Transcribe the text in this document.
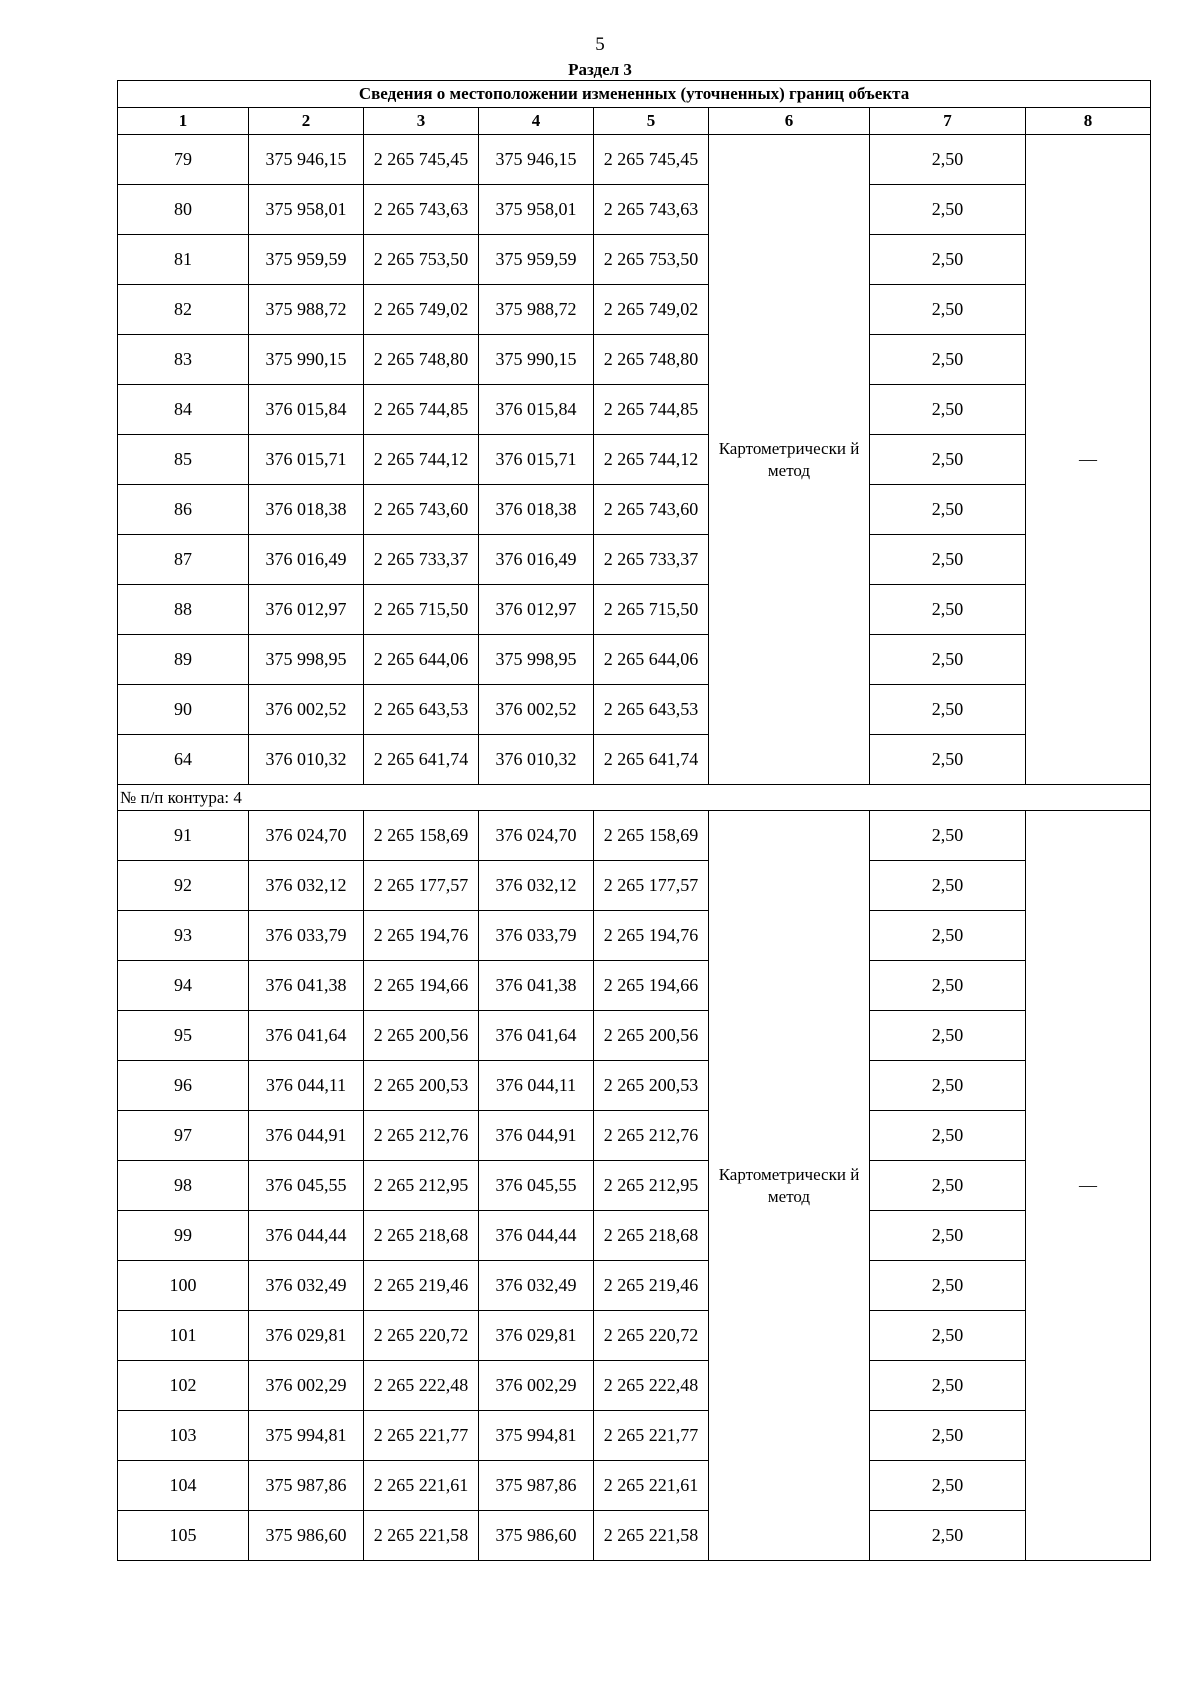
5
Раздел 3
Сведения о местоположении измененных (уточненных) границ объекта							
1	2	3	4	5	6	7	8
79	375 946,15	2 265 745,45	375 946,15	2 265 745,45	Картометрически й метод	2,50	—
80	375 958,01	2 265 743,63	375 958,01	2 265 743,63		2,50	
81	375 959,59	2 265 753,50	375 959,59	2 265 753,50		2,50	
82	375 988,72	2 265 749,02	375 988,72	2 265 749,02		2,50	
83	375 990,15	2 265 748,80	375 990,15	2 265 748,80		2,50	
84	376 015,84	2 265 744,85	376 015,84	2 265 744,85		2,50	
85	376 015,71	2 265 744,12	376 015,71	2 265 744,12		2,50	
86	376 018,38	2 265 743,60	376 018,38	2 265 743,60		2,50	
87	376 016,49	2 265 733,37	376 016,49	2 265 733,37		2,50	
88	376 012,97	2 265 715,50	376 012,97	2 265 715,50		2,50	
89	375 998,95	2 265 644,06	375 998,95	2 265 644,06		2,50	
90	376 002,52	2 265 643,53	376 002,52	2 265 643,53		2,50	
64	376 010,32	2 265 641,74	376 010,32	2 265 641,74		2,50	
№ п/п контура: 4							
91	376 024,70	2 265 158,69	376 024,70	2 265 158,69	Картометрически й метод	2,50	—
92	376 032,12	2 265 177,57	376 032,12	2 265 177,57		2,50	
93	376 033,79	2 265 194,76	376 033,79	2 265 194,76		2,50	
94	376 041,38	2 265 194,66	376 041,38	2 265 194,66		2,50	
95	376 041,64	2 265 200,56	376 041,64	2 265 200,56		2,50	
96	376 044,11	2 265 200,53	376 044,11	2 265 200,53		2,50	
97	376 044,91	2 265 212,76	376 044,91	2 265 212,76		2,50	
98	376 045,55	2 265 212,95	376 045,55	2 265 212,95		2,50	
99	376 044,44	2 265 218,68	376 044,44	2 265 218,68		2,50	
100	376 032,49	2 265 219,46	376 032,49	2 265 219,46		2,50	
101	376 029,81	2 265 220,72	376 029,81	2 265 220,72		2,50	
102	376 002,29	2 265 222,48	376 002,29	2 265 222,48		2,50	
103	375 994,81	2 265 221,77	375 994,81	2 265 221,77		2,50	
104	375 987,86	2 265 221,61	375 987,86	2 265 221,61		2,50	
105	375 986,60	2 265 221,58	375 986,60	2 265 221,58		2,50	
